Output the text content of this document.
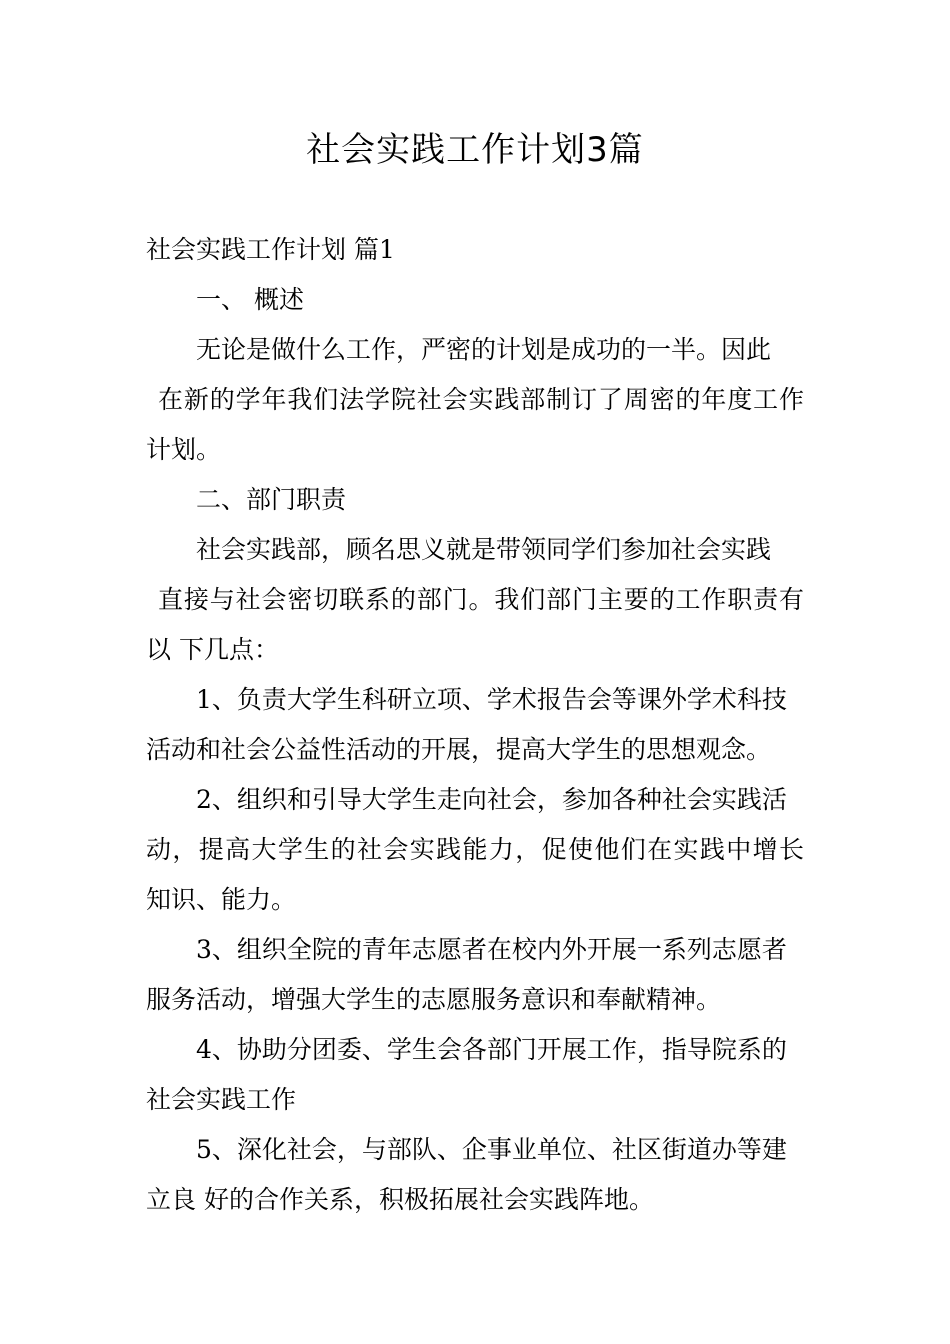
社会实践工作计划3篇

社会实践工作计划 篇1

一、 概述

无论是做什么工作，严密的计划是成功的一半。因此

在新的学年我们法学院社会实践部制订了周密的年度工作

计划。

二、部门职责

社会实践部，顾名思义就是带领同学们参加社会实践

直接与社会密切联系的部门。我们部门主要的工作职责有

以 下几点：

1、负责大学生科研立项、学术报告会等课外学术科技

活动和社会公益性活动的开展，提高大学生的思想观念。

2、组织和引导大学生走向社会，参加各种社会实践活

动，提高大学生的社会实践能力，促使他们在实践中增长

知识、能力。

3、组织全院的青年志愿者在校内外开展一系列志愿者

服务活动，增强大学生的志愿服务意识和奉献精神。

4、协助分团委、学生会各部门开展工作，指导院系的

社会实践工作

5、深化社会，与部队、企事业单位、社区街道办等建

立良 好的合作关系，积极拓展社会实践阵地。
